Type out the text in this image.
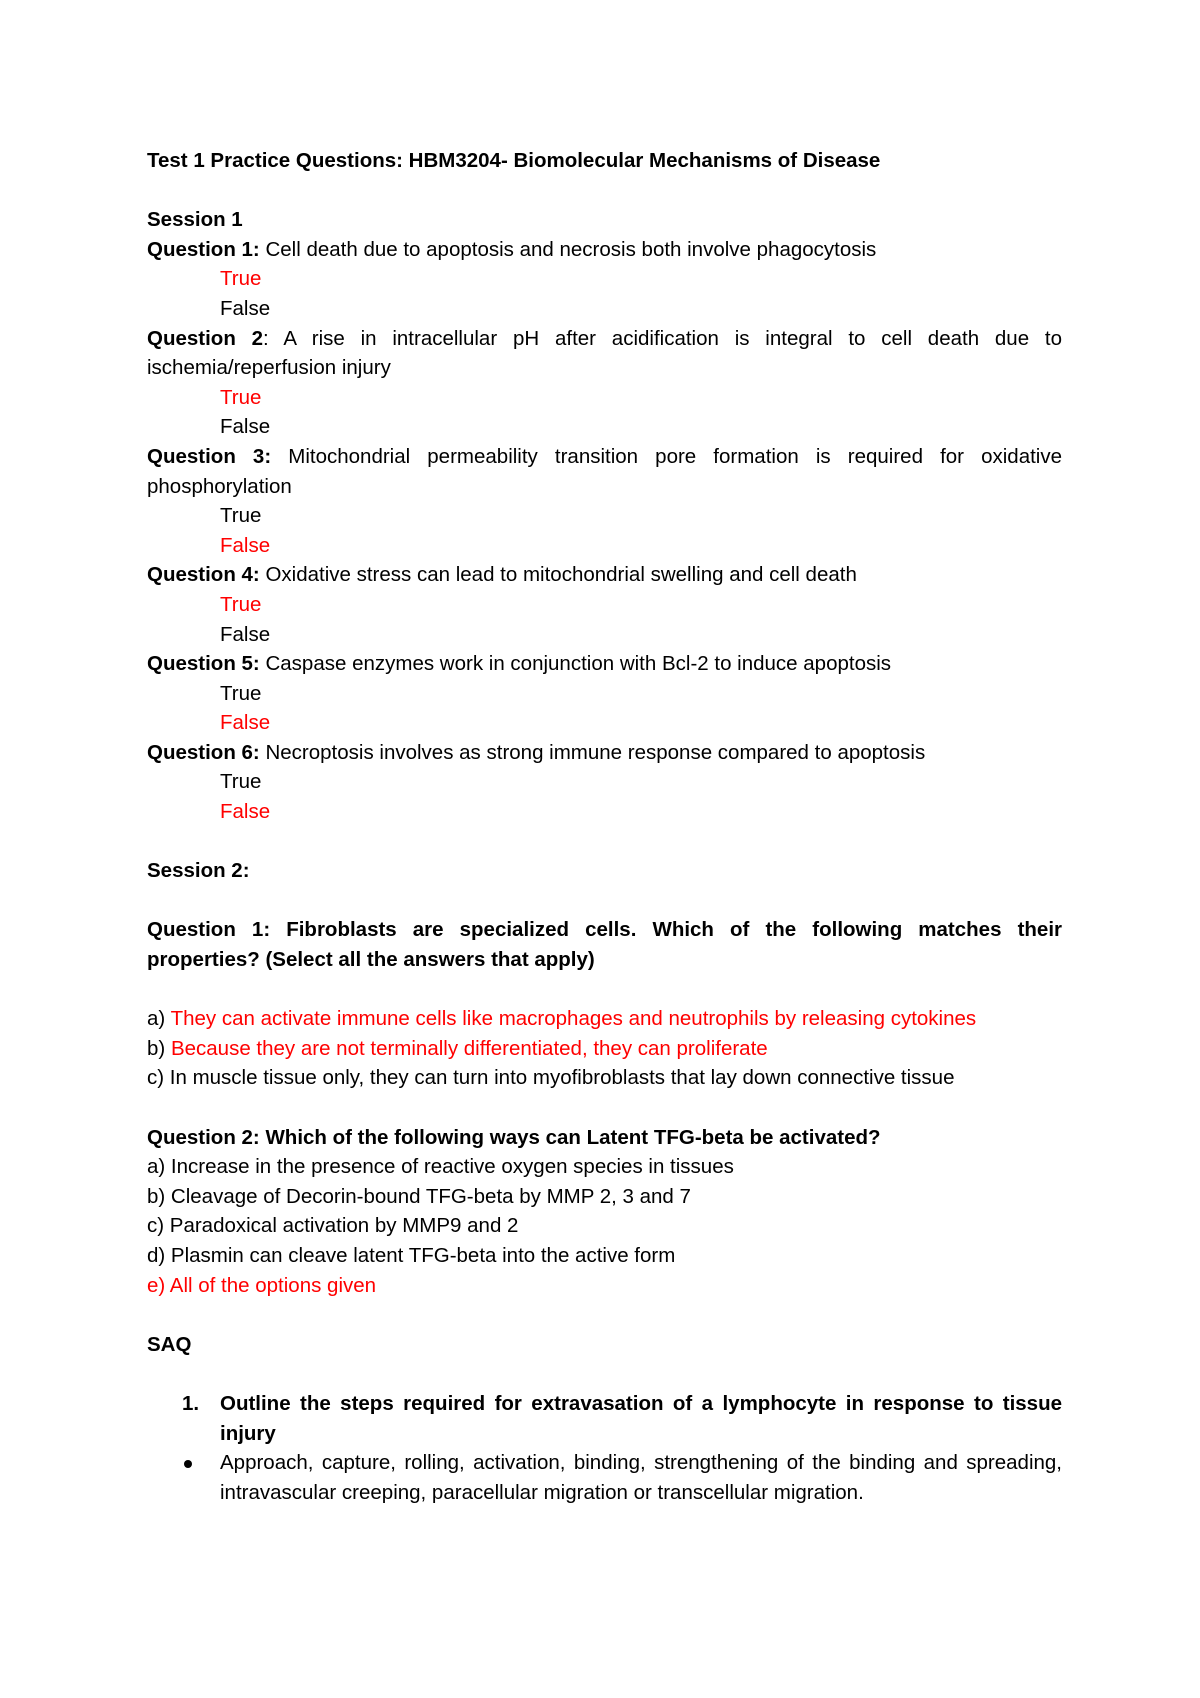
Test 1 Practice Questions: HBM3204- Biomolecular Mechanisms of Disease
Session 1
Question 1: Cell death due to apoptosis and necrosis both involve phagocytosis
True
False
Question 2: A rise in intracellular pH after acidification is integral to cell death due to ischemia/reperfusion injury
True
False
Question 3: Mitochondrial permeability transition pore formation is required for oxidative phosphorylation
True
False
Question 4: Oxidative stress can lead to mitochondrial swelling and cell death
True
False
Question 5: Caspase enzymes work in conjunction with Bcl-2 to induce apoptosis
True
False
Question 6: Necroptosis involves as strong immune response compared to apoptosis
True
False
Session 2:
Question 1: Fibroblasts are specialized cells. Which of the following matches their properties? (Select all the answers that apply)
a) They can activate immune cells like macrophages and neutrophils by releasing cytokines
b) Because they are not terminally differentiated, they can proliferate
c) In muscle tissue only, they can turn into myofibroblasts that lay down connective tissue
Question 2: Which of the following ways can Latent TFG-beta be activated?
a) Increase in the presence of reactive oxygen species in tissues
b) Cleavage of Decorin-bound TFG-beta by MMP 2, 3 and 7
c) Paradoxical activation by MMP9 and 2
d) Plasmin can cleave latent TFG-beta into the active form
e) All of the options given
SAQ
1. Outline the steps required for extravasation of a lymphocyte in response to tissue injury
Approach, capture, rolling, activation, binding, strengthening of the binding and spreading, intravascular creeping, paracellular migration or transcellular migration.
